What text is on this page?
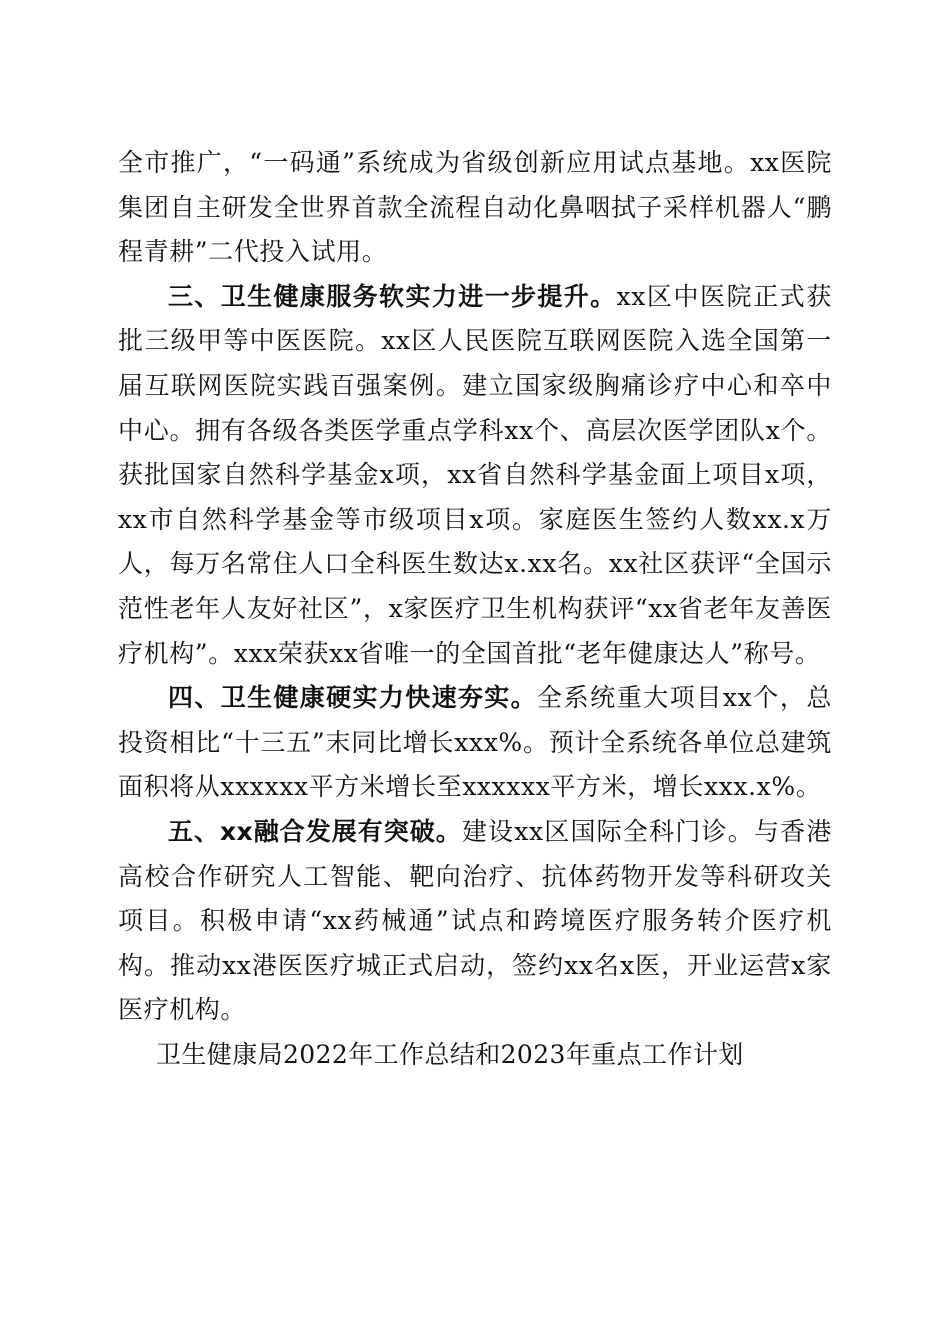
全市推广，“一码通”系统成为省级创新应用试点基地。xx医院集团自主研发全世界首款全流程自动化鼻咽拭子采样机器人“鹏程青耕”二代投入试用。

三、卫生健康服务软实力进一步提升。xx区中医院正式获批三级甲等中医医院。xx区人民医院互联网医院入选全国第一届互联网医院实践百强案例。建立国家级胸痛诊疗中心和卒中中心。拥有各级各类医学重点学科xx个、高层次医学团队x个。获批国家自然科学基金x项，xx省自然科学基金面上项目x项，xx市自然科学基金等市级项目x项。家庭医生签约人数xx.x万人，每万名常住人口全科医生数达x.xx名。xx社区获评“全国示范性老年人友好社区”，x家医疗卫生机构获评“xx省老年友善医疗机构”。xxx荣获xx省唯一的全国首批“老年健康达人”称号。

四、卫生健康硬实力快速夯实。全系统重大项目xx个，总投资相比“十三五”末同比增长xxx%。预计全系统各单位总建筑面积将从xxxxxx平方米增长至xxxxxx平方米，增长xxx.x%。

五、xx融合发展有突破。建设xx区国际全科门诊。与香港高校合作研究人工智能、靶向治疗、抗体药物开发等科研攻关项目。积极申请“xx药械通”试点和跨境医疗服务转介医疗机构。推动xx港医医疗城正式启动，签约xx名x医，开业运营x家医疗机构。

卫生健康局2022年工作总结和2023年重点工作计划
